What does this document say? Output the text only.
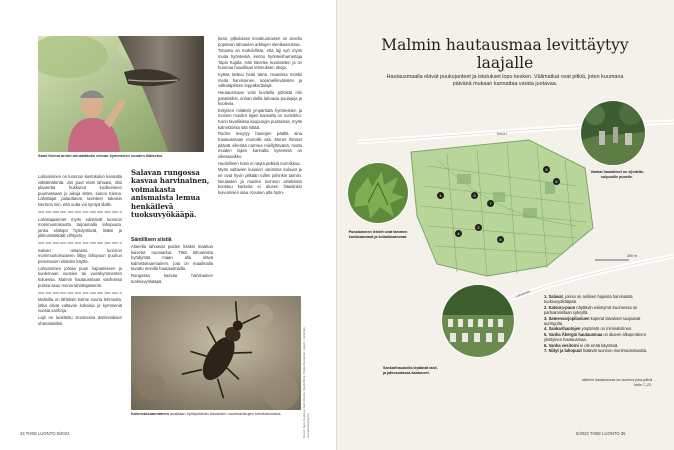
Sami Kiema arvioi arinakäävän olevan kymmenen vuoden ikäiseksi.

Lahoaminen on luonnon kiertokulun kannalta välttämätöntä. Jos puut eivät lahoaisi, olisi planeetta hukkunut kuolleeseen puumassaan jo aikoja sitten, sanoo Kiema. Lahottajat palauttavat ravinteet takaisin kiertoon niin, että uutta voi syntyä tilalle.

Lahottajasienet myös edistävät luonnon monimuotoisuutta tarjoamalla lahopuuta, jonka eliölajet hyödyntävät, lisäisi ja pikkunisäkkäät viihtyvät.

Saivan otsaansa luonnon monimuotoisuuteen liittyy lahopuun puuhun perustuvien eliöiden käyttö.

Lahoaminen johtaa puun hajoamiseen ja kuolemaan vuosien tai vuosikymmenten kuluessa. Malmin hautausmaan vanhoissa puissa asuu monia lahottajasieniä.

Malmilla on lähtöisin kolme suurta lehmusta, jotka olivat valtavan kokoisia ja kymmeniä vuosia vanhoja.

Lajit on luokiteltu Suomessa äärimmäisen uhanalaisiksi.

Salavan rungossa kasvaa harvinainen, voimakasta anismaista lemua henkäilevä tuoksuvyökääpä.
Säntillisen siistiä

Alueella lahoavat puiden lisäksi maahan kaivetut ruumiarkut. Tätä lahoamista hyödyntää maan alla elävä kalmistokaarniainen, jota on maailmalla tavattu monilla hautausmailla.

Rungossa kasvaa harvinainen tuoksuvyökääpä.

kean, pitkulaisen kovakuoriaisen on arveltu popsivan lahoavien arkkujen sienikasvustoa.

Totuutta on mahdollista, että laji syö myös muita hyönteisiä, kertoo hyönteisharrastaja Tapio Kujala. Hän kävelee kuoriaisten ja on huomaa huuvillaan lehmuksen okoja.

Kyttäs tarttuu hetiä tämä. Haavissa mönkii meliä harvinainen, karamellinväristen ja valkotäplisten leppäkerttulajit.

Hautausmaan voisi kuvitella pölöistä niin paratiisiksi, onhan siellä lahoavia puulajeja ja kuolevia.

Erityisen mitäleitt ympäröidä hyönteisten ja monien muiden lajien kannalta on nurmikko. Kunn tavallisissa kaupungin puistoissa, myös kalmistossa sitä riittää.

Ruoho leviytyy hautojen päältä aina hautausmaan reunoille asti. Monet ihmiset pitävät viheriää nurmea miellyttävänä, mutta muiden lajien kannalta kyseessä on viheraavikko.

Huolellinen hoito ei näytä pelkkiä nurmikkoa.

Myös valtavien kuusien varistima kuluvat ja ne ovat hyvin pitkään tullen joihinkin taimiin. Neulasten ja muiden luonnon aineksista koostuu karkeita ei alueen hitaisinkin kuivumisen alaa. Kuusen alta hyön-

Kalmistokaarniainen availlaan hyödyntävän lahoavien ruumisarkkujen sienikasvustoa.	Kuvat: Tapio Kujala ja Sami Kiema, Studiofilma, Pekka Rautanen, Jakob - Helsingin seurakuntayhtymä
34 THEE LUONTO 5/2022
Malmin hautausmaa levittäytyy laajalle
Hautausmaalla elävät puukujanteet ja istutukset lopu kesken. Välimatkat ovat pitkiä, joten kuumana päivänä mukaan kannattaa varata juotavaa.
Kehä I
Lahdentie
300 m
1
2
3
4
5
6
7
8
Punatammen lehdet ovat tammen kookkaammat ja kolmikkaammat.
Vanhat hautakivet on sijoiteltu sulpuuille puoelle.
Sankarihaudoilla lepäävät talvi- ja jatkosodassa kaatuneet.
1. Salavat, joissa on anilisen hajuista harvinaista tuoksuvyökääpää.
2. Katsura-puun näyttävin esiintymä Suomessa on parhaimmillaan syksyllä.
3. Sateenvarjopilaviuen kuperat latvukset suojaavat auringolta.
4. Sankarihautojen ympäristö on mirimalistinen.
5. Vanha Åbergin hautausmaa on alueen alkuperäinen yksityinen hautausmaa.
6. Vanha vesitorni ei ole enää käytössä.
7. Niityt ja lahopuut lisäävät luonnon monimuotoisuutta.
Malmin hautausmaa on avoinna joka päivä kello 7–22.
5/2022 THEE LUONTO 35
